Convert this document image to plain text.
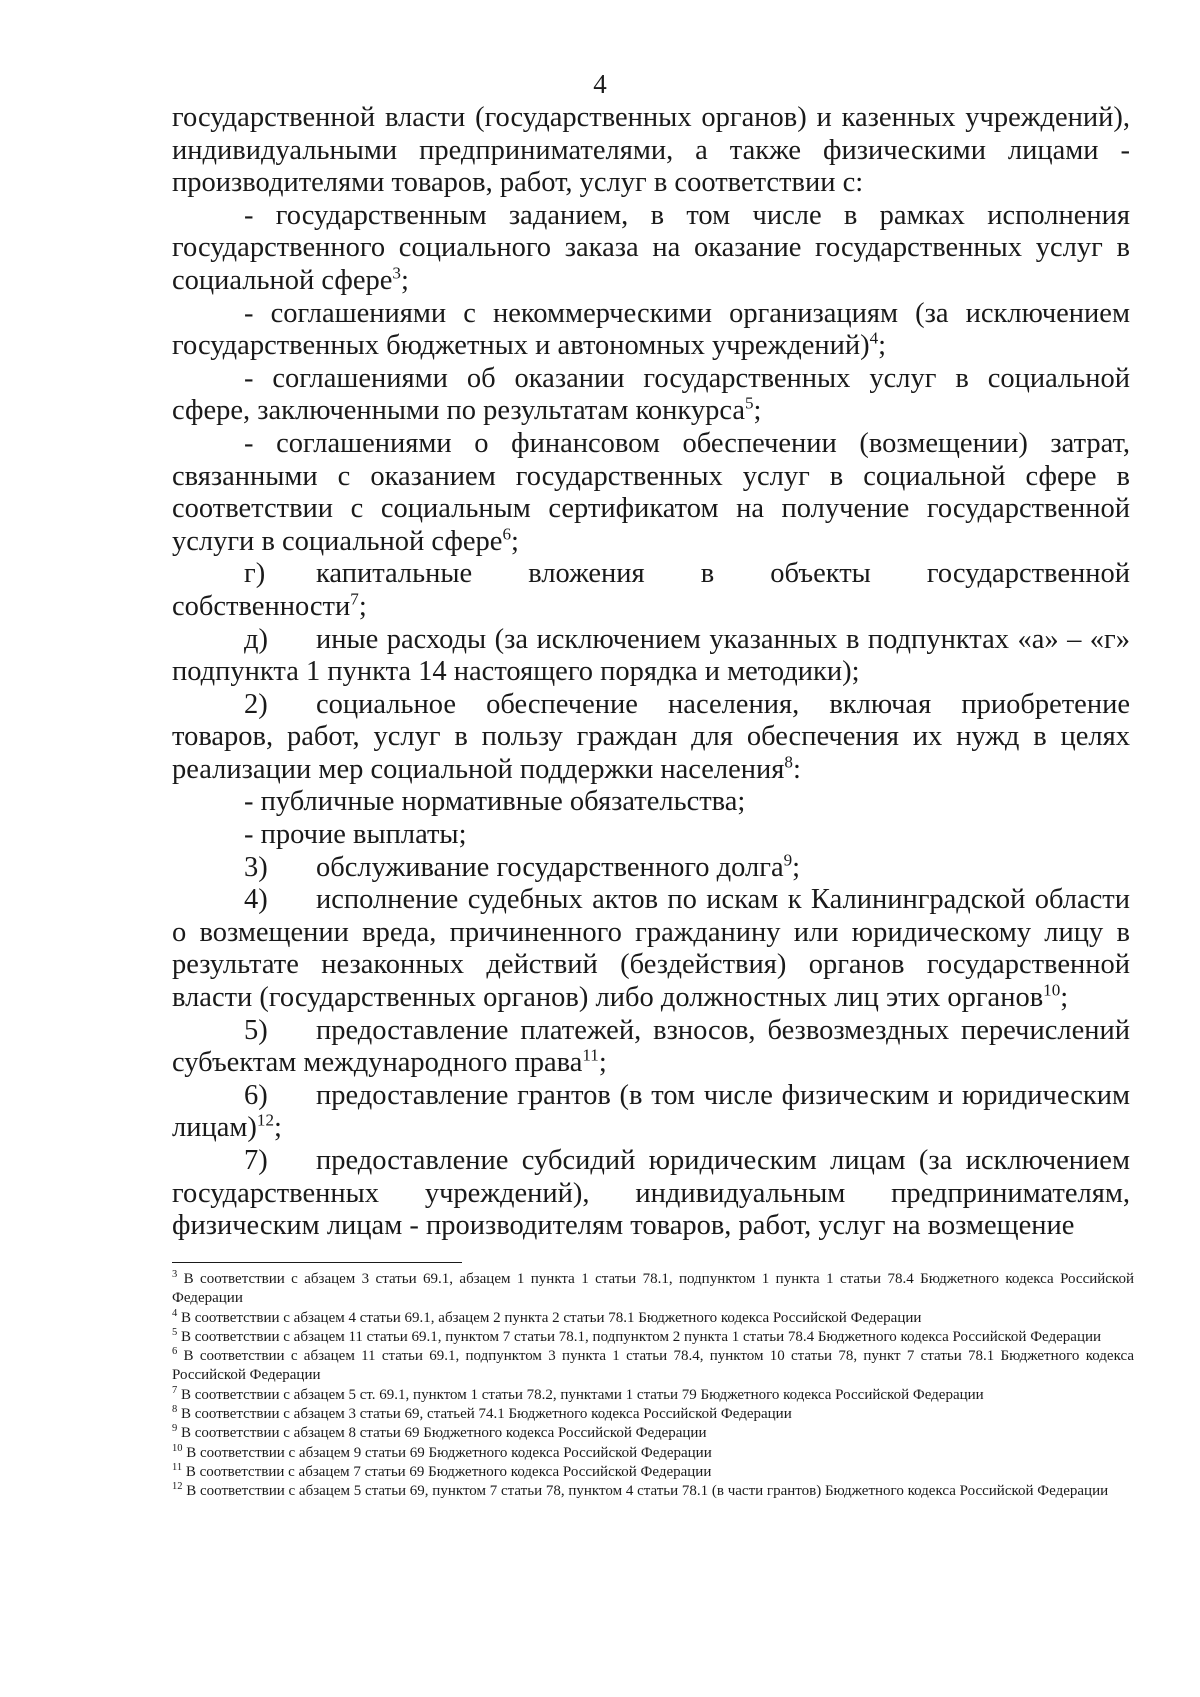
4

государственной власти (государственных органов) и казенных учреждений), индивидуальными предпринимателями, а также физическими лицами - производителями товаров, работ, услуг в соответствии с:

- государственным заданием, в том числе в рамках исполнения государственного социального заказа на оказание государственных услуг в социальной сфере$^3$;

- соглашениями с некоммерческими организациям (за исключением государственных бюджетных и автономных учреждений)$^4$;

- соглашениями об оказании государственных услуг в социальной сфере, заключенными по результатам конкурса$^5$;

- соглашениями о финансовом обеспечении (возмещении) затрат, связанными с оказанием государственных услуг в социальной сфере в соответствии с социальным сертификатом на получение государственной услуги в социальной сфере$^6$;

г) капитальные вложения в объекты государственной собственности$^7$;

д) иные расходы (за исключением указанных в подпунктах «а» – «г» подпункта 1 пункта 14 настоящего порядка и методики);

2) социальное обеспечение населения, включая приобретение товаров, работ, услуг в пользу граждан для обеспечения их нужд в целях реализации мер социальной поддержки населения$^8$:

- публичные нормативные обязательства;

- прочие выплаты;

3) обслуживание государственного долга$^9$;

4) исполнение судебных актов по искам к Калининградской области о возмещении вреда, причиненного гражданину или юридическому лицу в результате незаконных действий (бездействия) органов государственной власти (государственных органов) либо должностных лиц этих органов$^{10}$;

5) предоставление платежей, взносов, безвозмездных перечислений субъектам международного права$^{11}$;

6) предоставление грантов (в том числе физическим и юридическим лицам)$^{12}$;

7) предоставление субсидий юридическим лицам (за исключением государственных учреждений), индивидуальным предпринимателям, физическим лицам - производителям товаров, работ, услуг на возмещение

$^3$ В соответствии с абзацем 3 статьи 69.1, абзацем 1 пункта 1 статьи 78.1, подпунктом 1 пункта 1 статьи 78.4 Бюджетного кодекса Российской Федерации

$^4$ В соответствии с абзацем 4 статьи 69.1, абзацем 2 пункта 2 статьи 78.1 Бюджетного кодекса Российской Федерации

$^5$ В соответствии с абзацем 11 статьи 69.1, пунктом 7 статьи 78.1, подпунктом 2 пункта 1 статьи 78.4 Бюджетного кодекса Российской Федерации

$^6$ В соответствии с абзацем 11 статьи 69.1, подпунктом 3 пункта 1 статьи 78.4, пунктом 10 статьи 78, пункт 7 статьи 78.1 Бюджетного кодекса Российской Федерации

$^7$ В соответствии с абзацем 5 ст. 69.1, пунктом 1 статьи 78.2, пунктами 1 статьи 79 Бюджетного кодекса Российской Федерации

$^8$ В соответствии с абзацем 3 статьи 69, статьей 74.1 Бюджетного кодекса Российской Федерации

$^9$ В соответствии с абзацем 8 статьи 69 Бюджетного кодекса Российской Федерации

$^{10}$ В соответствии с абзацем 9 статьи 69 Бюджетного кодекса Российской Федерации

$^{11}$ В соответствии с абзацем 7 статьи 69 Бюджетного кодекса Российской Федерации

$^{12}$ В соответствии с абзацем 5 статьи 69, пунктом 7 статьи 78, пунктом 4 статьи 78.1 (в части грантов) Бюджетного кодекса Российской Федерации
